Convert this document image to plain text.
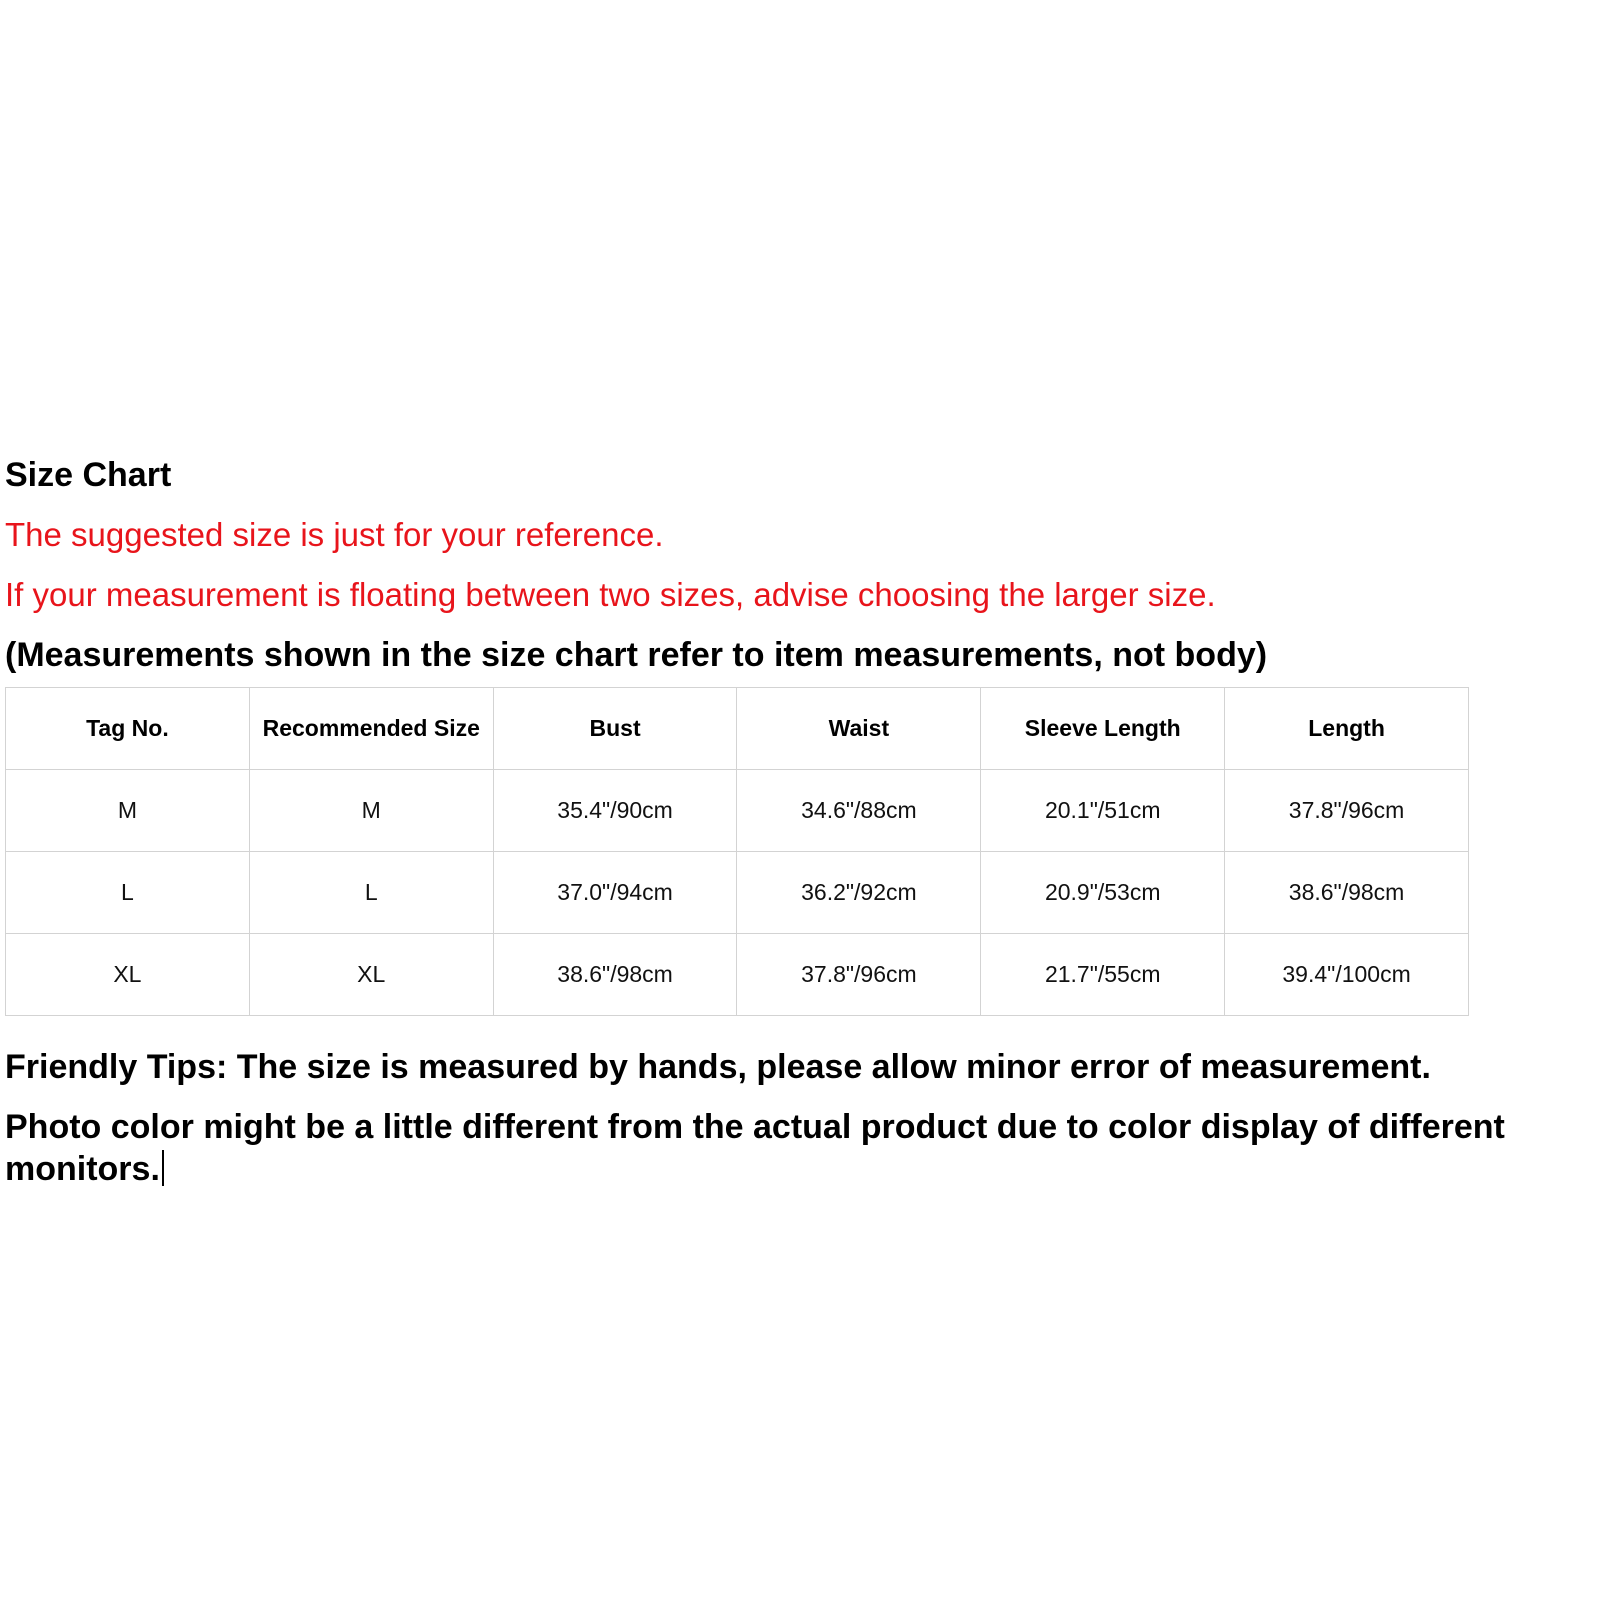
Size Chart
The suggested size is just for your reference.
If your measurement is floating between two sizes, advise choosing the larger size.
(Measurements shown in the size chart refer to item measurements, not body)
Tag No.	Recommended Size	Bust	Waist	Sleeve Length	Length
M	M	35.4"/90cm	34.6"/88cm	20.1"/51cm	37.8"/96cm
L	L	37.0"/94cm	36.2"/92cm	20.9"/53cm	38.6"/98cm
XL	XL	38.6"/98cm	37.8"/96cm	21.7"/55cm	39.4"/100cm
Friendly Tips: The size is measured by hands, please allow minor error of measurement.
Photo color might be a little different from the actual product due to color display of different monitors.
